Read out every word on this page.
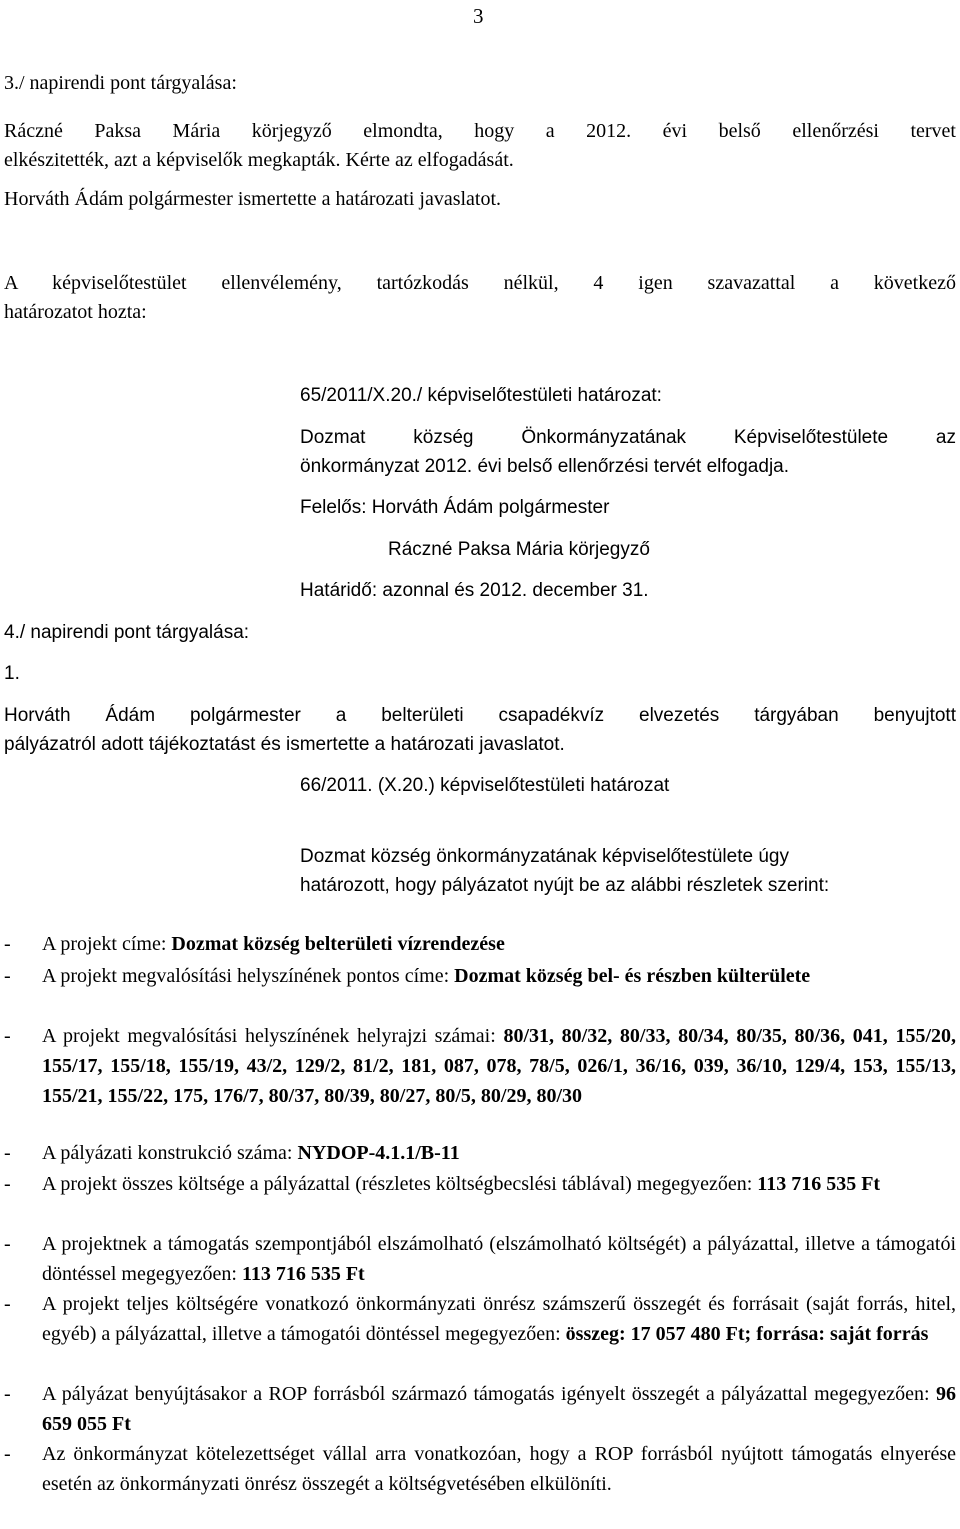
3
3./ napirendi pont tárgyalása:
Ráczné Paksa Mária körjegyző elmondta, hogy a 2012. évi belső ellenőrzési tervet
elkészitették, azt a képviselők megkapták. Kérte az elfogadását.
Horváth Ádám polgármester ismertette a határozati javaslatot.
A képviselőtestület ellenvélemény, tartózkodás nélkül, 4 igen szavazattal a következő
határozatot hozta:
65/2011/X.20./ képviselőtestületi határozat:
Dozmat község Önkormányzatának Képviselőtestülete az
önkormányzat 2012. évi belső ellenőrzési tervét elfogadja.
Felelős: Horváth Ádám polgármester
Ráczné Paksa Mária körjegyző
Határidő: azonnal és 2012. december 31.
4./ napirendi pont tárgyalása:
1.
Horváth Ádám polgármester a belterületi csapadékvíz elvezetés tárgyában benyujtott
pályázatról adott tájékoztatást és ismertette a határozati javaslatot.
66/2011. (X.20.) képviselőtestületi határozat
Dozmat község önkormányzatának képviselőtestülete úgy
határozott, hogy pályázatot nyújt be az alábbi részletek szerint:
- A projekt címe: Dozmat község belterületi vízrendezése
- A projekt megvalósítási helyszínének pontos címe: Dozmat község bel- és részben külterülete
- A projekt megvalósítási helyszínének helyrajzi számai: 80/31, 80/32, 80/33, 80/34, 80/35, 80/36, 041, 155/20, 155/17, 155/18, 155/19, 43/2, 129/2, 81/2, 181, 087, 078, 78/5, 026/1, 36/16, 039, 36/10, 129/4, 153, 155/13, 155/21, 155/22, 175, 176/7, 80/37, 80/39, 80/27, 80/5, 80/29, 80/30
- A pályázati konstrukció száma: NYDOP-4.1.1/B-11
- A projekt összes költsége a pályázattal (részletes költségbecslési táblával) megegyezően: 113 716 535 Ft
- A projektnek a támogatás szempontjából elszámolható (elszámolható költségét) a pályázattal, illetve a támogatói döntéssel megegyezően: 113 716 535 Ft
- A projekt teljes költségére vonatkozó önkormányzati önrész számszerű összegét és forrásait (saját forrás, hitel, egyéb) a pályázattal, illetve a támogatói döntéssel megegyezően: összeg: 17 057 480 Ft; forrása: saját forrás
- A pályázat benyújtásakor a ROP forrásból származó támogatás igényelt összegét a pályázattal megegyezően: 96 659 055 Ft
- Az önkormányzat kötelezettséget vállal arra vonatkozóan, hogy a ROP forrásból nyújtott támogatás elnyerése esetén az önkormányzati önrész összegét a költségvetésében elkülöníti.
